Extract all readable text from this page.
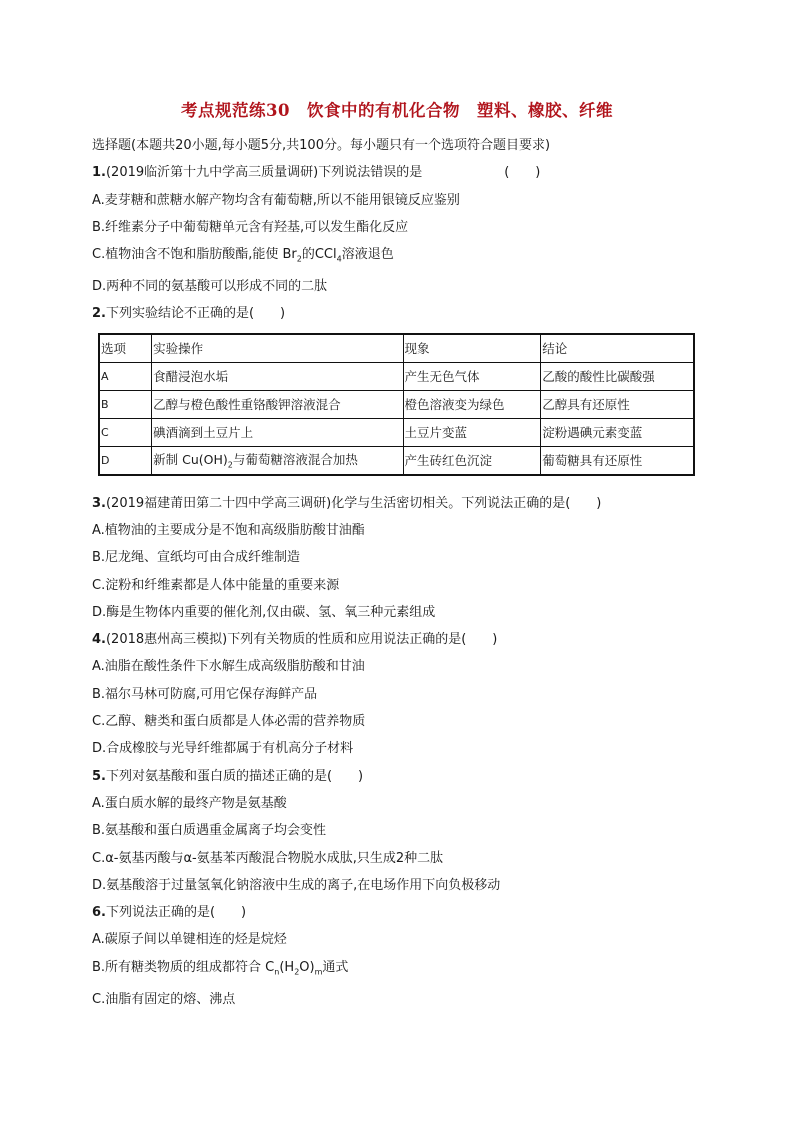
考点规范练30　饮食中的有机化合物　塑料、橡胶、纤维
选择题(本题共20小题,每小题5分,共100分。每小题只有一个选项符合题目要求)
1.(2019临沂第十九中学高三质量调研)下列说法错误的是	(　　)
A.麦芽糖和蔗糖水解产物均含有葡萄糖,所以不能用银镜反应鉴别
B.纤维素分子中葡萄糖单元含有羟基,可以发生酯化反应
C.植物油含不饱和脂肪酸酯,能使 $Br_2$的CCl$_4$溶液退色
D.两种不同的氨基酸可以形成不同的二肽
2.下列实验结论不正确的是(　　)
选项	实验操作	现象	结论
A	食醋浸泡水垢	产生无色气体	乙酸的酸性比碳酸强
B	乙醇与橙色酸性重铬酸钾溶液混合	橙色溶液变为绿色	乙醇具有还原性
C	碘酒滴到土豆片上	土豆片变蓝	淀粉遇碘元素变蓝
D	新制 $Cu(OH)_2$与葡萄糖溶液混合加热	产生砖红色沉淀	葡萄糖具有还原性
3.(2019福建莆田第二十四中学高三调研)化学与生活密切相关。下列说法正确的是(　　)
A.植物油的主要成分是不饱和高级脂肪酸甘油酯
B.尼龙绳、宣纸均可由合成纤维制造
C.淀粉和纤维素都是人体中能量的重要来源
D.酶是生物体内重要的催化剂,仅由碳、氢、氧三种元素组成
4.(2018惠州高三模拟)下列有关物质的性质和应用说法正确的是(　　)
A.油脂在酸性条件下水解生成高级脂肪酸和甘油
B.福尔马林可防腐,可用它保存海鲜产品
C.乙醇、糖类和蛋白质都是人体必需的营养物质
D.合成橡胶与光导纤维都属于有机高分子材料
5.下列对氨基酸和蛋白质的描述正确的是(　　)
A.蛋白质水解的最终产物是氨基酸
B.氨基酸和蛋白质遇重金属离子均会变性
C.α-氨基丙酸与α-氨基苯丙酸混合物脱水成肽,只生成2种二肽
D.氨基酸溶于过量氢氧化钠溶液中生成的离子,在电场作用下向负极移动
6.下列说法正确的是(　　)
A.碳原子间以单键相连的烃是烷烃
B.所有糖类物质的组成都符合 $C_n(H_2O)_m$通式
C.油脂有固定的熔、沸点
